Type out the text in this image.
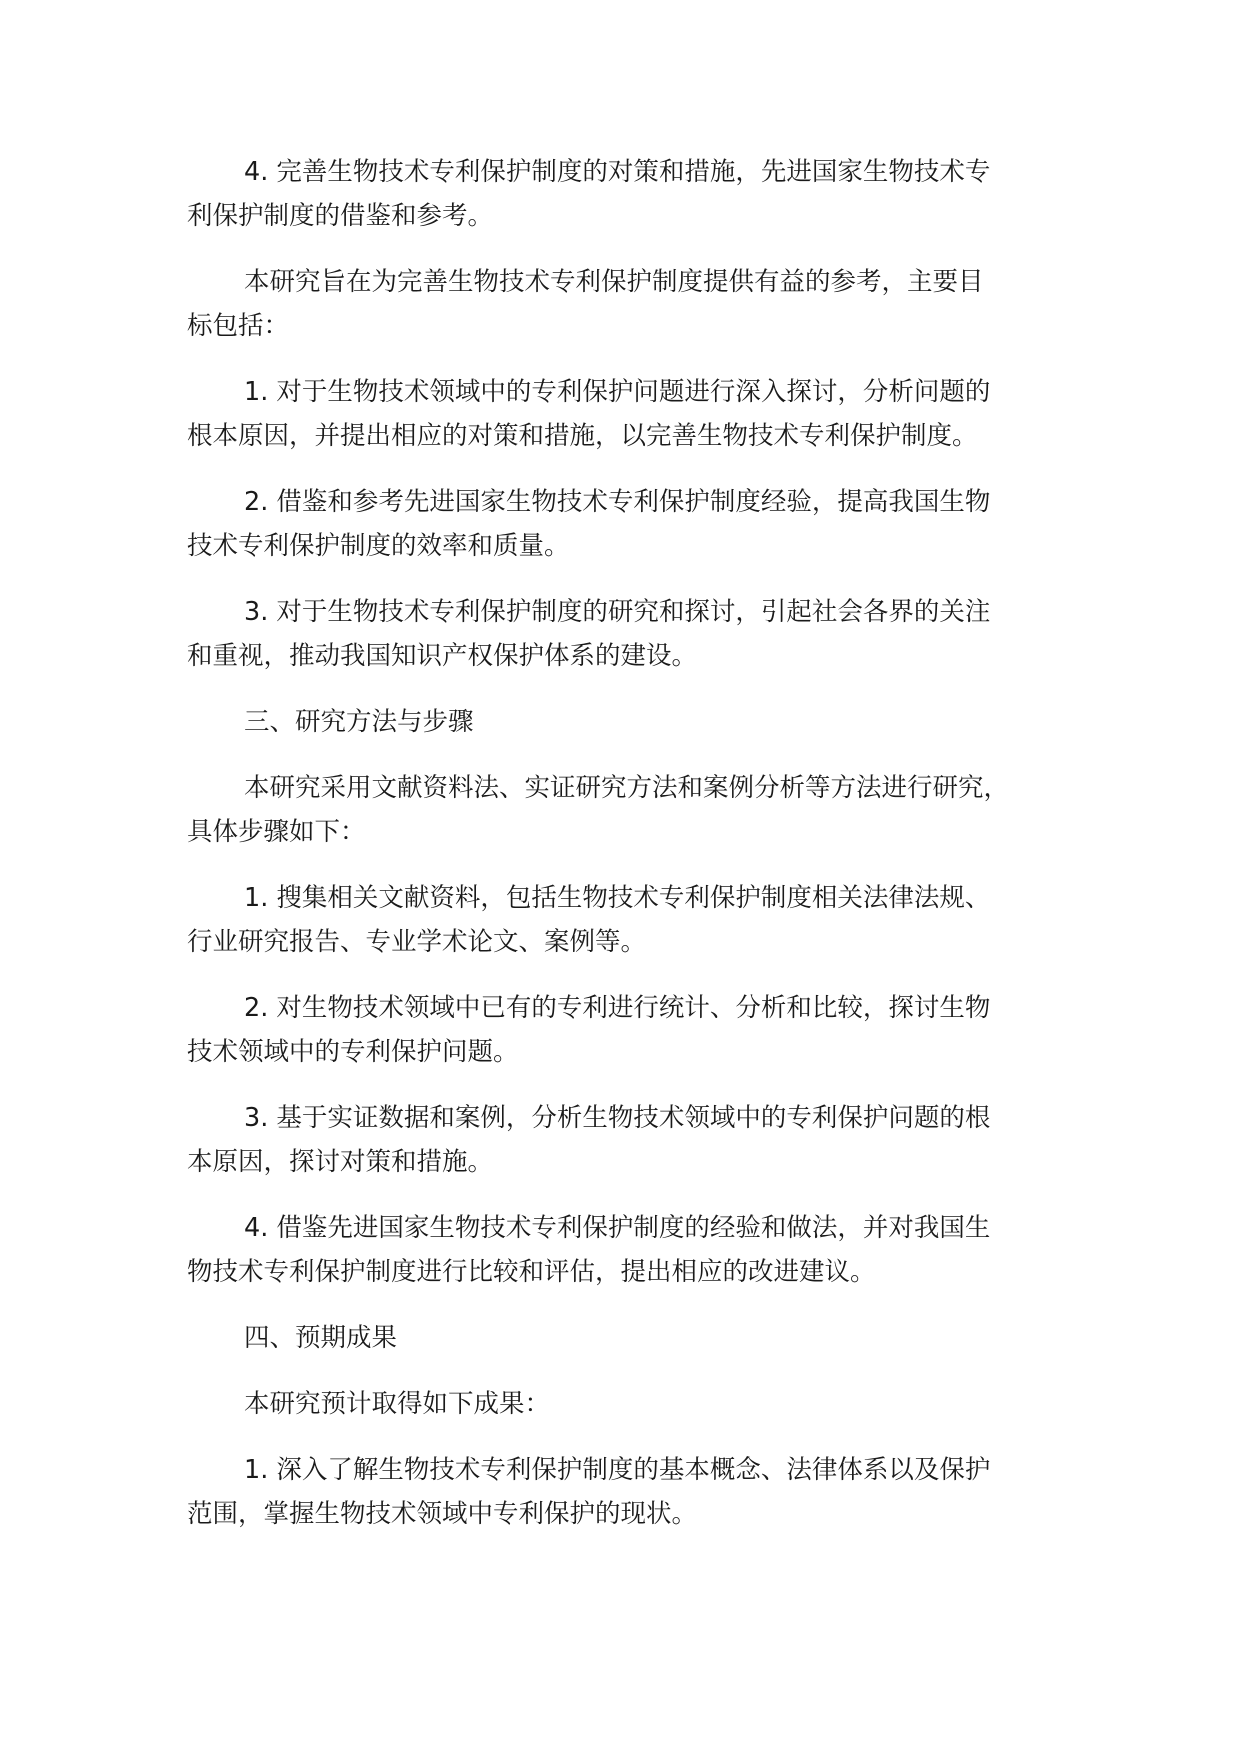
4. 完善生物技术专利保护制度的对策和措施，先进国家生物技术专
利保护制度的借鉴和参考。

本研究旨在为完善生物技术专利保护制度提供有益的参考，主要目
标包括：

1. 对于生物技术领域中的专利保护问题进行深入探讨，分析问题的
根本原因，并提出相应的对策和措施，以完善生物技术专利保护制度。

2. 借鉴和参考先进国家生物技术专利保护制度经验，提高我国生物
技术专利保护制度的效率和质量。

3. 对于生物技术专利保护制度的研究和探讨，引起社会各界的关注
和重视，推动我国知识产权保护体系的建设。

三、研究方法与步骤

本研究采用文献资料法、实证研究方法和案例分析等方法进行研究，
具体步骤如下：

1. 搜集相关文献资料，包括生物技术专利保护制度相关法律法规、
行业研究报告、专业学术论文、案例等。

2. 对生物技术领域中已有的专利进行统计、分析和比较，探讨生物
技术领域中的专利保护问题。

3. 基于实证数据和案例，分析生物技术领域中的专利保护问题的根
本原因，探讨对策和措施。

4. 借鉴先进国家生物技术专利保护制度的经验和做法，并对我国生
物技术专利保护制度进行比较和评估，提出相应的改进建议。

四、预期成果

本研究预计取得如下成果：

1. 深入了解生物技术专利保护制度的基本概念、法律体系以及保护
范围，掌握生物技术领域中专利保护的现状。
